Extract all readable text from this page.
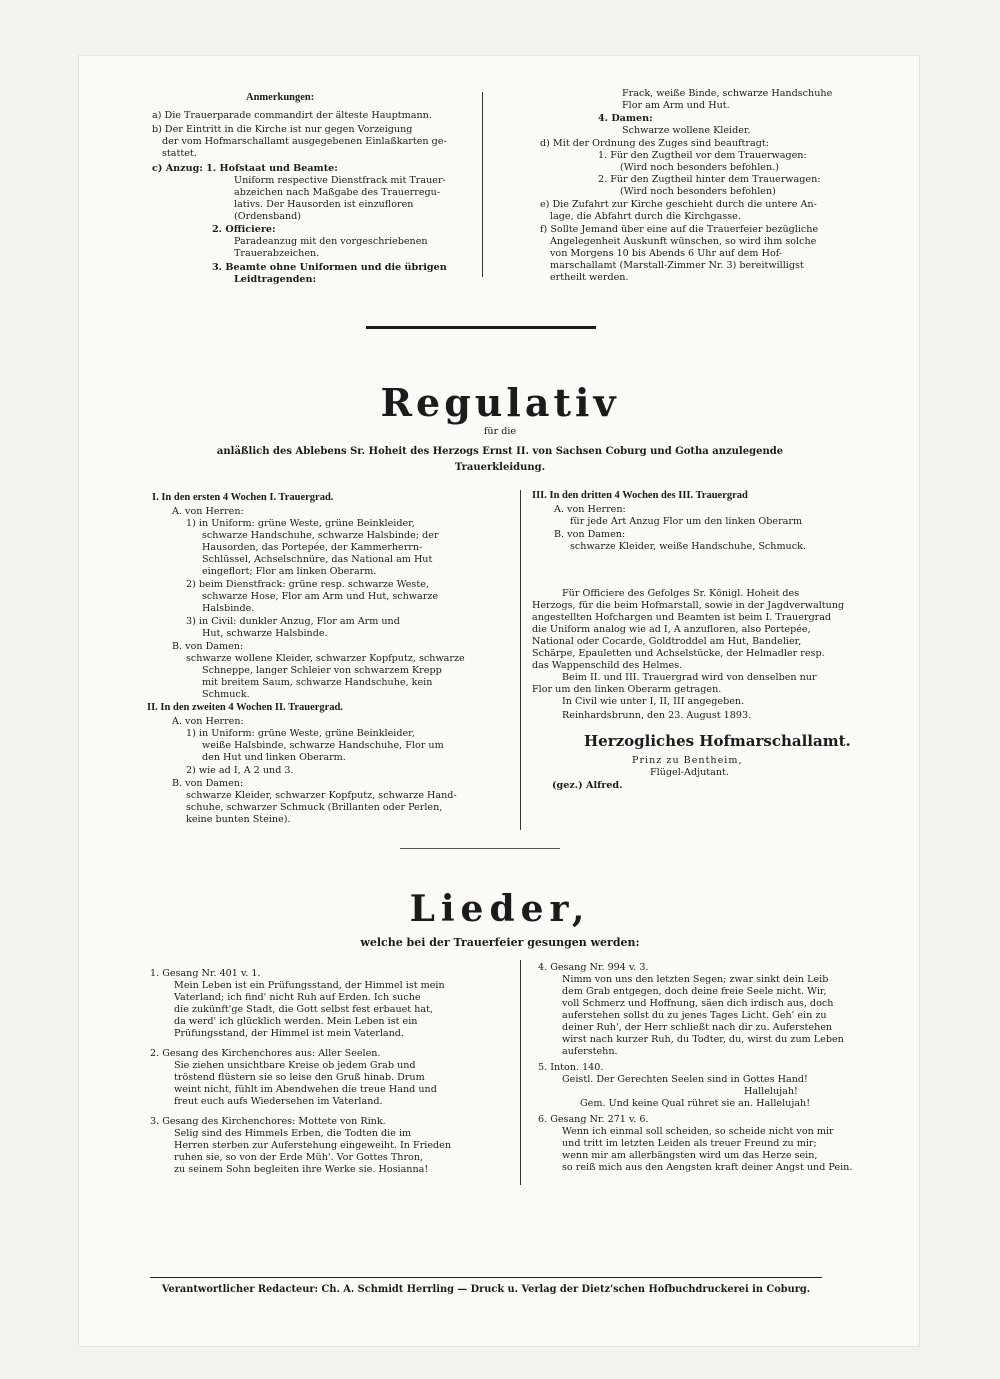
Anmerkungen:
a) Die Trauerparade commandirt der älteste Hauptmann.
b) Der Eintritt in die Kirche ist nur gegen Vorzeigung
der vom Hofmarschallamt ausgegebenen Einlaßkarten ge-
stattet.
c) Anzug: 1. Hofstaat und Beamte:
Uniform respective Dienstfrack mit Trauer-
abzeichen nach Maßgabe des Trauerregu-
lativs. Der Hausorden ist einzufloren
(Ordensband)
2. Officiere:
Paradeanzug mit den vorgeschriebenen
Trauerabzeichen.
3. Beamte ohne Uniformen und die übrigen
Leidtragenden:
Frack, weiße Binde, schwarze Handschuhe
Flor am Arm und Hut.
4. Damen:
Schwarze wollene Kleider.
d) Mit der Ordnung des Zuges sind beauftragt:
1. Für den Zugtheil vor dem Trauerwagen:
(Wird noch besonders befohlen.)
2. Für den Zugtheil hinter dem Trauerwagen:
(Wird noch besonders befohlen)
e) Die Zufahrt zur Kirche geschieht durch die untere An-
lage, die Abfahrt durch die Kirchgasse.
f) Sollte Jemand über eine auf die Trauerfeier bezügliche
Angelegenheit Auskunft wünschen, so wird ihm solche
von Morgens 10 bis Abends 6 Uhr auf dem Hof-
marschallamt (Marstall-Zimmer Nr. 3) bereitwilligst
ertheilt werden.
Regulativ
für die
anläßlich des Ablebens Sr. Hoheit des Herzogs Ernst II. von Sachsen Coburg und Gotha anzulegende
Trauerkleidung.
I. In den ersten 4 Wochen I. Trauergrad.
A. von Herren:
1) in Uniform: grüne Weste, grüne Beinkleider,
schwarze Handschuhe, schwarze Halsbinde; der
Hausorden, das Portepée, der Kammerherrn-
Schlüssel, Achselschnüre, das National am Hut
eingeflort; Flor am linken Oberarm.
2) beim Dienstfrack: grüne resp. schwarze Weste,
schwarze Hose, Flor am Arm und Hut, schwarze
Halsbinde.
3) in Civil: dunkler Anzug, Flor am Arm und
Hut, schwarze Halsbinde.
B. von Damen:
schwarze wollene Kleider, schwarzer Kopfputz, schwarze
Schneppe, langer Schleier von schwarzem Krepp
mit breitem Saum, schwarze Handschuhe, kein
Schmuck.
II. In den zweiten 4 Wochen II. Trauergrad.
A. von Herren:
1) in Uniform: grüne Weste, grüne Beinkleider,
weiße Halsbinde, schwarze Handschuhe, Flor um
den Hut und linken Oberarm.
2) wie ad I, A 2 und 3.
B. von Damen:
schwarze Kleider, schwarzer Kopfputz, schwarze Hand-
schuhe, schwarzer Schmuck (Brillanten oder Perlen,
keine bunten Steine).
III. In den dritten 4 Wochen des III. Trauergrad
A. von Herren:
für jede Art Anzug Flor um den linken Oberarm
B. von Damen:
schwarze Kleider, weiße Handschuhe, Schmuck.
Für Officiere des Gefolges Sr. Königl. Hoheit des
Herzogs, für die beim Hofmarstall, sowie in der Jagdverwaltung
angestellten Hofchargen und Beamten ist beim I. Trauergrad
die Uniform analog wie ad I, A anzufloren, also Portepée,
National oder Cocarde, Goldtroddel am Hut, Bandelier,
Schärpe, Epauletten und Achselstücke, der Helmadler resp.
das Wappenschild des Helmes.
Beim II. und III. Trauergrad wird von denselben nur
Flor um den linken Oberarm getragen.
In Civil wie unter I, II, III angegeben.
Reinhardsbrunn, den 23. August 1893.
Herzogliches Hofmarschallamt.
Prinz zu Bentheim,
Flügel-Adjutant.
(gez.) Alfred.
Lieder,
welche bei der Trauerfeier gesungen werden:
1. Gesang Nr. 401 v. 1.
Mein Leben ist ein Prüfungsstand, der Himmel ist mein
Vaterland; ich find' nicht Ruh auf Erden. Ich suche
die zukünft'ge Stadt, die Gott selbst fest erbauet hat,
da werd' ich glücklich werden. Mein Leben ist ein
Prüfungsstand, der Himmel ist mein Vaterland.
2. Gesang des Kirchenchores aus: Aller Seelen.
Sie ziehen unsichtbare Kreise ob jedem Grab und
tröstend flüstern sie so leise den Gruß hinab. Drum
weint nicht, fühlt im Abendwehen die treue Hand und
freut euch aufs Wiedersehen im Vaterland.
3. Gesang des Kirchenchores: Mottete von Rink.
Selig sind des Himmels Erben, die Todten die im
Herren sterben zur Auferstehung eingeweiht. In Frieden
ruhen sie, so von der Erde Müh'. Vor Gottes Thron,
zu seinem Sohn begleiten ihre Werke sie. Hosianna!
4. Gesang Nr. 994 v. 3.
Nimm von uns den letzten Segen; zwar sinkt dein Leib
dem Grab entgegen, doch deine freie Seele nicht. Wir,
voll Schmerz und Hoffnung, säen dich irdisch aus, doch
auferstehen sollst du zu jenes Tages Licht. Geh' ein zu
deiner Ruh', der Herr schließt nach dir zu. Auferstehen
wirst nach kurzer Ruh, du Todter, du, wirst du zum Leben
auferstehn.
5. Inton. 140.
Geistl. Der Gerechten Seelen sind in Gottes Hand!
Hallelujah!
Gem. Und keine Qual rühret sie an. Hallelujah!
6. Gesang Nr. 271 v. 6.
Wenn ich einmal soll scheiden, so scheide nicht von mir
und tritt im letzten Leiden als treuer Freund zu mir;
wenn mir am allerbängsten wird um das Herze sein,
so reiß mich aus den Aengsten kraft deiner Angst und Pein.
Verantwortlicher Redacteur: Ch. A. Schmidt Herrling — Druck u. Verlag der Dietz'schen Hofbuchdruckerei in Coburg.
